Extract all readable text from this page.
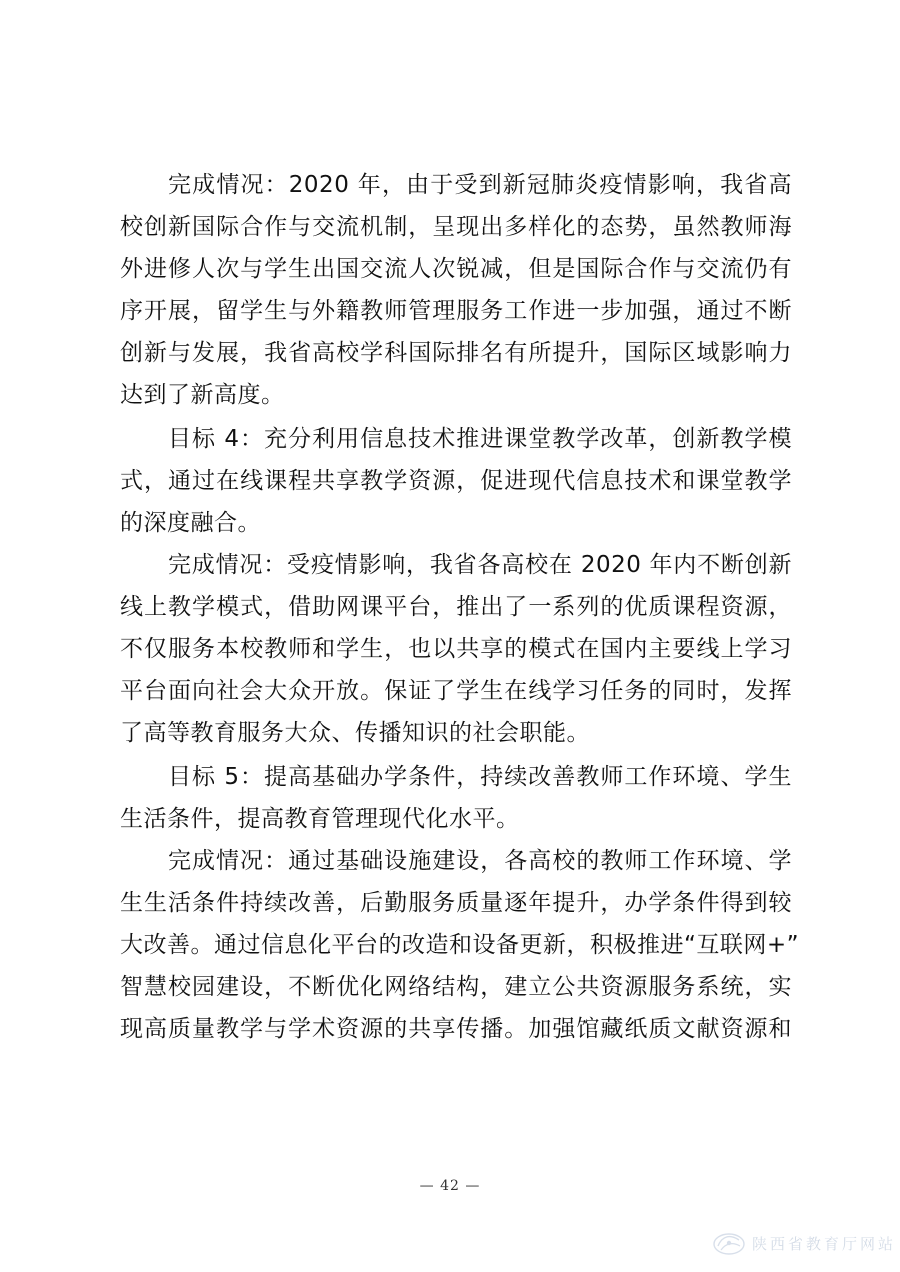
完成情况：2020 年，由于受到新冠肺炎疫情影响，我省高
校创新国际合作与交流机制，呈现出多样化的态势，虽然教师海
外进修人次与学生出国交流人次锐减，但是国际合作与交流仍有
序开展，留学生与外籍教师管理服务工作进一步加强，通过不断
创新与发展，我省高校学科国际排名有所提升，国际区域影响力
达到了新高度。
目标 4：充分利用信息技术推进课堂教学改革，创新教学模
式，通过在线课程共享教学资源，促进现代信息技术和课堂教学
的深度融合。
完成情况：受疫情影响，我省各高校在 2020 年内不断创新
线上教学模式，借助网课平台，推出了一系列的优质课程资源，
不仅服务本校教师和学生，也以共享的模式在国内主要线上学习
平台面向社会大众开放。保证了学生在线学习任务的同时，发挥
了高等教育服务大众、传播知识的社会职能。
目标 5：提高基础办学条件，持续改善教师工作环境、学生
生活条件，提高教育管理现代化水平。
完成情况：通过基础设施建设，各高校的教师工作环境、学
生生活条件持续改善，后勤服务质量逐年提升，办学条件得到较
大改善。通过信息化平台的改造和设备更新，积极推进“互联网+”
智慧校园建设，不断优化网络结构，建立公共资源服务系统，实
现高质量教学与学术资源的共享传播。加强馆藏纸质文献资源和
— 42 —
陕西省教育厅网站
